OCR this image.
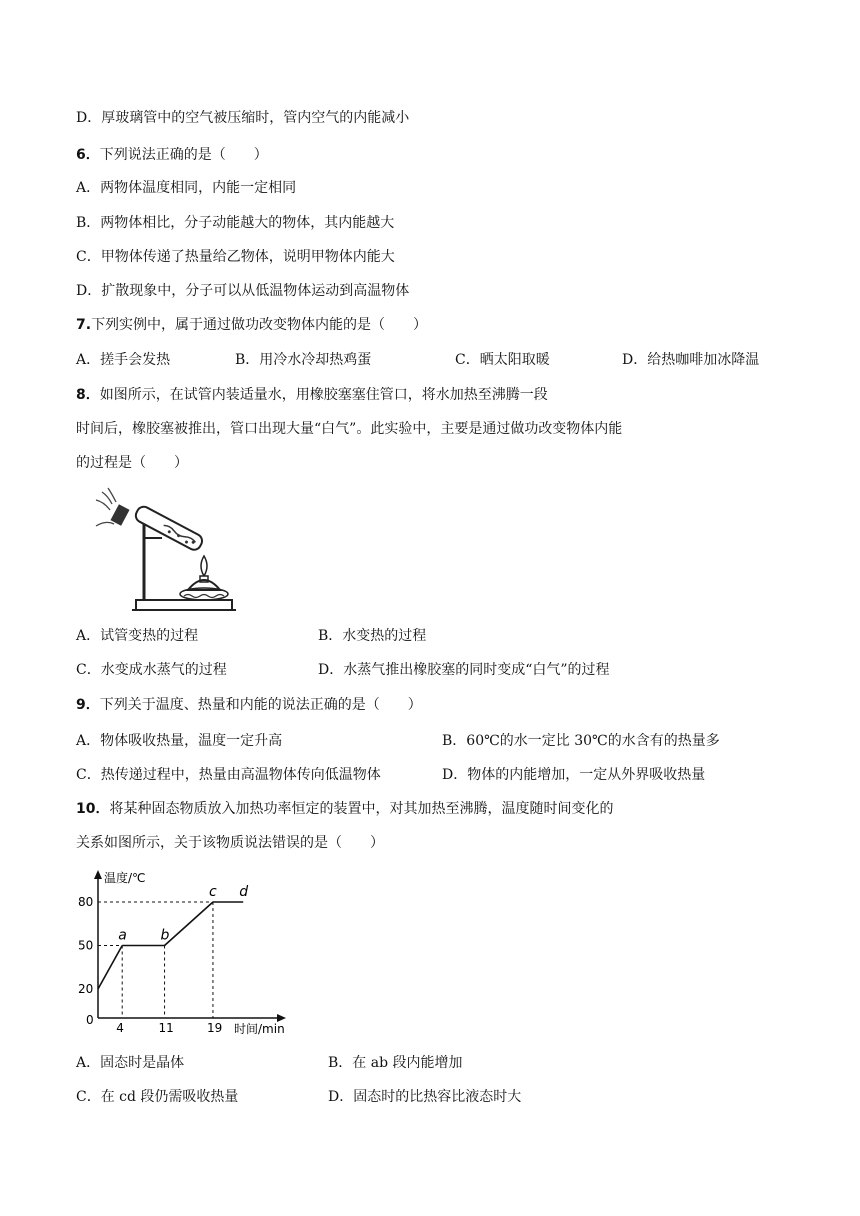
D．厚玻璃管中的空气被压缩时，管内空气的内能减小
6．下列说法正确的是（　　）
A．两物体温度相同，内能一定相同
B．两物体相比，分子动能越大的物体，其内能越大
C．甲物体传递了热量给乙物体，说明甲物体内能大
D．扩散现象中，分子可以从低温物体运动到高温物体
7.下列实例中，属于通过做功改变物体内能的是（　　）
A．搓手会发热	B．用冷水冷却热鸡蛋	C．晒太阳取暖	D．给热咖啡加冰降温
8．如图所示，在试管内装适量水，用橡胶塞塞住管口，将水加热至沸腾一段
时间后，橡胶塞被推出，管口出现大量“白气”。此实验中，主要是通过做功改变物体内能
的过程是（　　）
A．试管变热的过程	B．水变热的过程
C．水变成水蒸气的过程	D．水蒸气推出橡胶塞的同时变成“白气”的过程
9．下列关于温度、热量和内能的说法正确的是（　　）
A．物体吸收热量，温度一定升高	B．60℃的水一定比 30℃的水含有的热量多
C．热传递过程中，热量由高温物体传向低温物体	D．物体的内能增加，一定从外界吸收热量
10．将某种固态物质放入加热功率恒定的装置中，对其加热至沸腾，温度随时间变化的
关系如图所示，关于该物质说法错误的是（　　）
温度/℃
时间/min
0
a b
c d
4	11	19
20
50
80
A．固态时是晶体	B．在 ab 段内能增加
C．在 cd 段仍需吸收热量	D．固态时的比热容比液态时大
